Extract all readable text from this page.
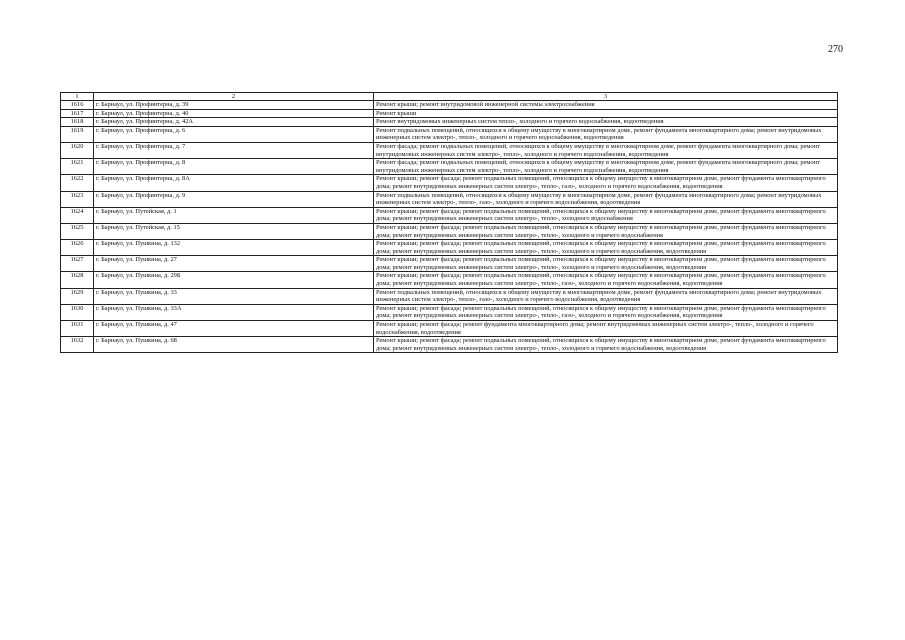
270
1	2	3
1616	г. Барнаул, ул. Профинтерна, д. 39	Ремонт крыши; ремонт внутридомовой инженерной системы электроснабжения
1617	г. Барнаул, ул. Профинтерна, д. 40	Ремонт крыши
1618	г. Барнаул, ул. Профинтерна, д. 42А	Ремонт внутридомовых инженерных систем тепло-, холодного и горячего водоснабжения, водоотведения
1619	г. Барнаул, ул. Профинтерна, д. 6	Ремонт подвальных помещений, относящихся к общему имуществу в многоквартирном доме, ремонт фундамента многоквартирного дома; ремонт внутридомовых инженерных систем электро-, тепло-, холодного и горячего водоснабжения, водоотведения
1620	г. Барнаул, ул. Профинтерна, д. 7	Ремонт фасада; ремонт подвальных помещений, относящихся к общему имуществу в многоквартирном доме, ремонт фундамента многоквартирного дома; ремонт внутридомовых инженерных систем электро-, тепло-, холодного и горячего водоснабжения, водоотведения
1621	г. Барнаул, ул. Профинтерна, д. 8	Ремонт фасада; ремонт подвальных помещений, относящихся к общему имуществу в многоквартирном доме, ремонт фундамента многоквартирного дома; ремонт внутридомовых инженерных систем электро-, тепло-, холодного и горячего водоснабжения, водоотведения
1622	г. Барнаул, ул. Профинтерна, д. 8А	Ремонт крыши; ремонт фасада; ремонт подвальных помещений, относящихся к общему имуществу в многоквартирном доме, ремонт фундамента многоквартирного дома; ремонт внутридомовых инженерных систем электро-, тепло-, газо-, холодного и горячего водоснабжения, водоотведения
1623	г. Барнаул, ул. Профинтерна, д. 9	Ремонт подвальных помещений, относящихся к общему имуществу в многоквартирном доме, ремонт фундамента многоквартирного дома; ремонт внутридомовых инженерных систем электро-, тепло-, газо-, холодного и горячего водоснабжения, водоотведения
1624	г. Барнаул, ул. Путейская, д. 1	Ремонт крыши; ремонт фасада; ремонт подвальных помещений, относящихся к общему имуществу в многоквартирном доме, ремонт фундамента многоквартирного дома; ремонт внутридомовых инженерных систем электро-, тепло-, холодного водоснабжения
1625	г. Барнаул, ул. Путейская, д. 15	Ремонт крыши; ремонт фасада; ремонт подвальных помещений, относящихся к общему имуществу в многоквартирном доме, ремонт фундамента многоквартирного дома; ремонт внутридомовых инженерных систем электро-, тепло-, холодного и горячего водоснабжения
1626	г. Барнаул, ул. Пушкина, д. 132	Ремонт крыши; ремонт фасада; ремонт подвальных помещений, относящихся к общему имуществу в многоквартирном доме, ремонт фундамента многоквартирного дома; ремонт внутридомовых инженерных систем электро-, тепло-, холодного и горячего водоснабжения, водоотведения
1627	г. Барнаул, ул. Пушкина, д. 27	Ремонт крыши; ремонт фасада; ремонт подвальных помещений, относящихся к общему имуществу в многоквартирном доме, ремонт фундамента многоквартирного дома; ремонт внутридомовых инженерных систем электро-, тепло-, холодного и горячего водоснабжения, водоотведения
1628	г. Барнаул, ул. Пушкина, д. 29Б	Ремонт крыши; ремонт фасада; ремонт подвальных помещений, относящихся к общему имуществу в многоквартирном доме, ремонт фундамента многоквартирного дома; ремонт внутридомовых инженерных систем электро-, тепло-, газо-, холодного и горячего водоснабжения, водоотведения
1629	г. Барнаул, ул. Пушкина, д. 33	Ремонт подвальных помещений, относящихся к общему имуществу в многоквартирном доме, ремонт фундамента многоквартирного дома; ремонт внутридомовых инженерных систем электро-, тепло-, газо-, холодного и горячего водоснабжения, водоотведения
1630	г. Барнаул, ул. Пушкина, д. 33А	Ремонт крыши; ремонт фасада; ремонт подвальных помещений, относящихся к общему имуществу в многоквартирном доме, ремонт фундамента многоквартирного дома; ремонт внутридомовых инженерных систем электро-, тепло-, газо-, холодного и горячего водоснабжения, водоотведения
1631	г. Барнаул, ул. Пушкина, д. 47	Ремонт крыши; ремонт фасада; ремонт фундамента многоквартирного дома; ремонт внутридомовых инженерных систем электро-, тепло-, холодного и горячего водоснабжения, водоотведения
1632	г. Барнаул, ул. Пушкина, д. 68	Ремонт крыши; ремонт фасада; ремонт подвальных помещений, относящихся к общему имуществу в многоквартирном доме, ремонт фундамента многоквартирного дома; ремонт внутридомовых инженерных систем электро-, тепло-, холодного и горячего водоснабжения, водоотведения
